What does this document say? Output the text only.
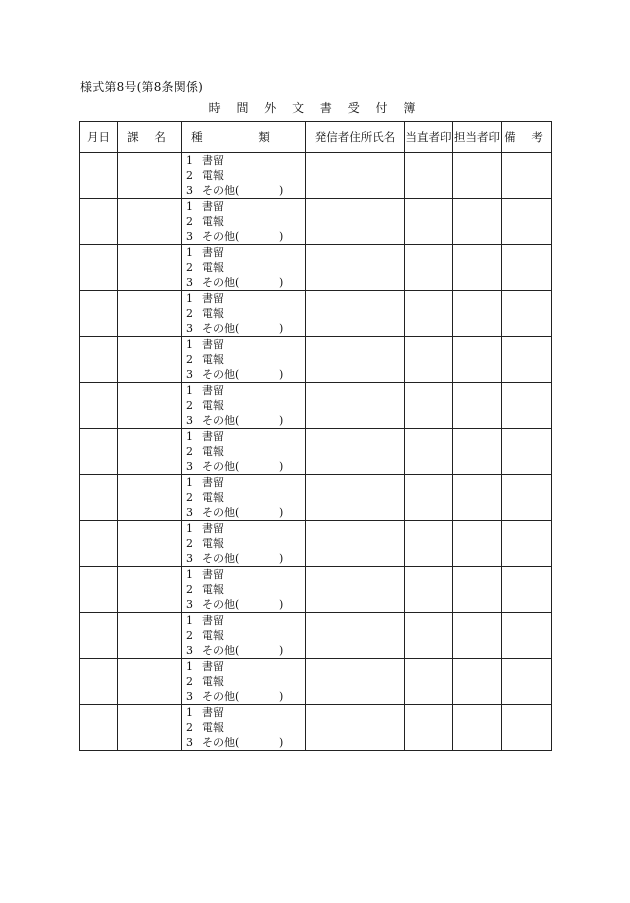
様式第8号(第8条関係)
時 間 外 文 書 受 付 簿
月日	課 名	種 類	発信者住所氏名	当直者印	担当者印	備 考

		1 書留
2 電報
3 その他( )				

		1 書留
2 電報
3 その他( )				

		1 書留
2 電報
3 その他( )				

		1 書留
2 電報
3 その他( )				

		1 書留
2 電報
3 その他( )				

		1 書留
2 電報
3 その他( )				

		1 書留
2 電報
3 その他( )				

		1 書留
2 電報
3 その他( )				

		1 書留
2 電報
3 その他( )				

		1 書留
2 電報
3 その他( )				

		1 書留
2 電報
3 その他( )				

		1 書留
2 電報
3 その他( )				

		1 書留
2 電報
3 その他( )				
